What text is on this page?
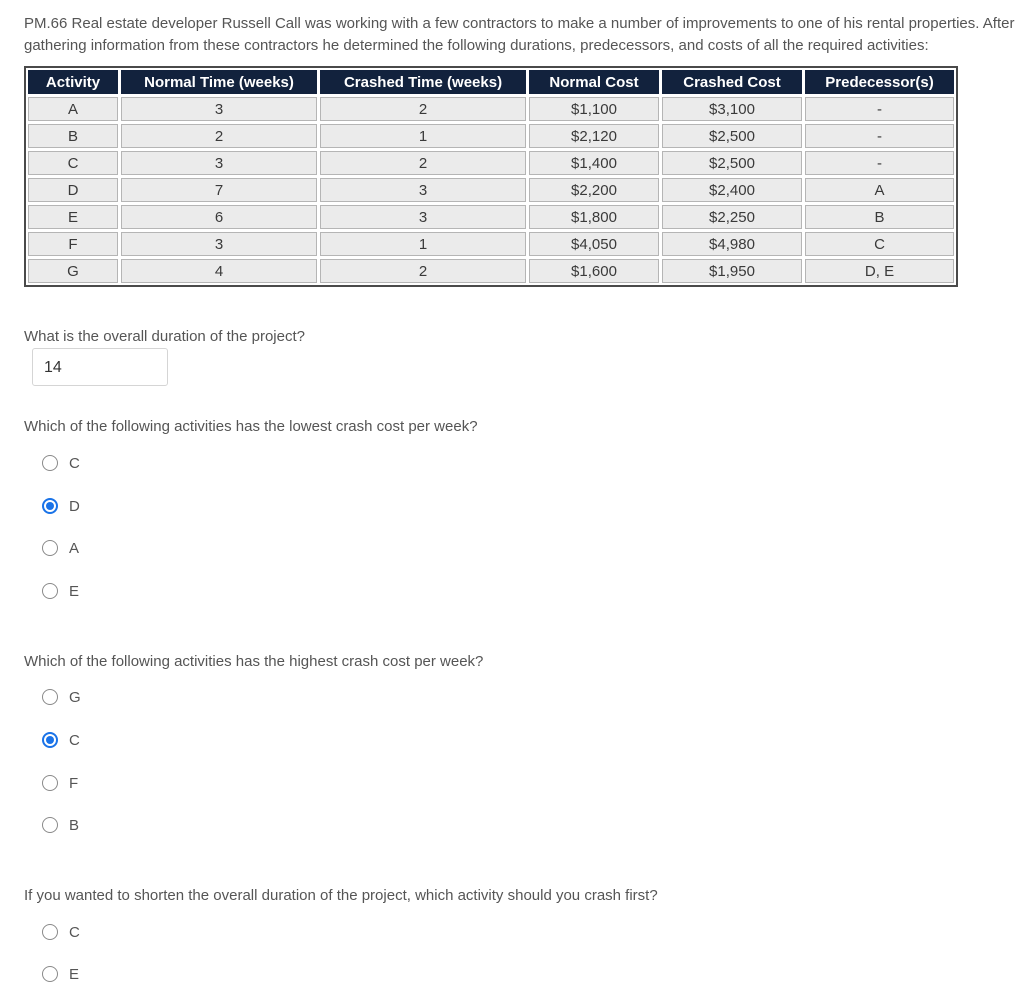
PM.66 Real estate developer Russell Call was working with a few contractors to make a number of improvements to one of his rental properties. After
gathering information from these contractors he determined the following durations, predecessors, and costs of all the required activities:
Activity	Normal Time (weeks)	Crashed Time (weeks)	Normal Cost	Crashed Cost	Predecessor(s)
A	3	2	$1,100	$3,100	-
B	2	1	$2,120	$2,500	-
C	3	2	$1,400	$2,500	-
D	7	3	$2,200	$2,400	A
E	6	3	$1,800	$2,250	B
F	3	1	$4,050	$4,980	C
G	4	2	$1,600	$1,950	D, E
What is the overall duration of the project?
14
Which of the following activities has the lowest crash cost per week?
C
D
A
E
Which of the following activities has the highest crash cost per week?
G
C
F
B
If you wanted to shorten the overall duration of the project, which activity should you crash first?
C
E
